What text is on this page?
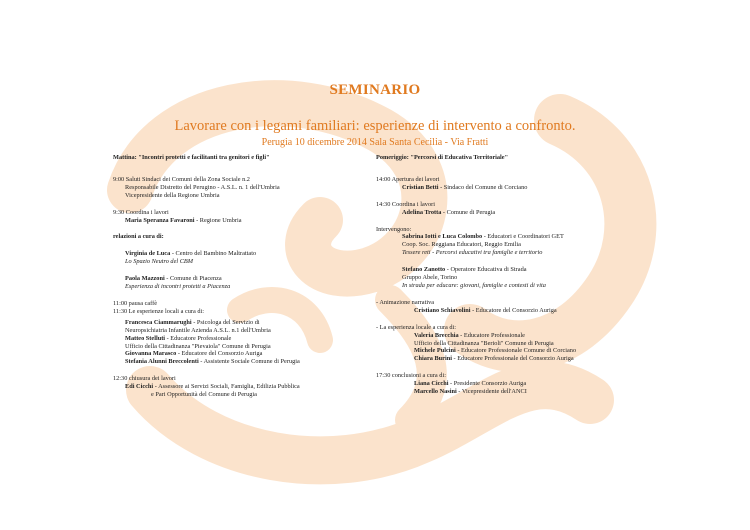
SEMINARIO
Lavorare con i legami familiari: esperienze di intervento a confronto.
Perugia 10 dicembre 2014 Sala Santa Cecilia - Via Fratti
Mattina: "Incontri protetti e facilitanti tra genitori e figli"
9:00 Saluti Sindaci dei Comuni della Zona Sociale n.2
Responsabile Distretto del Perugino - A.S.L. n. 1 dell'Umbria
Vicepresidente della Regione Umbria
9:30 Coordina i lavori
Maria Speranza Favaroni - Regione Umbria
relazioni a cura di:
Virginia de Luca - Centro del Bambino Maltrattato
Lo Spazio Neutro del CBM
Paola Mazzoni - Comune di Piacenza
Esperienza di incontri protetti a Piacenza
11:00 pausa caffè
11:30 Le esperienze locali a cura di:
Francesca Ciammarughi - Psicologa del Servizio di
Neuropsichiatria Infantile Azienda A.S.L. n.1 dell'Umbria
Matteo Stelluti - Educatore Professionale
Ufficio della Cittadinanza "Pievaiola" Comune di Perugia
Giovanna Marasco - Educatore del Consorzio Auriga
Stefania Alunni Breccolenti - Assistente Sociale Comune di Perugia
12:30 chiusura dei lavori
Edi Cicchi - Assessore ai Servizi Sociali, Famiglia, Edilizia Pubblica
e Pari Opportunità del Comune di Perugia
Pomeriggio: "Percorsi di Educativa Territoriale"
14:00 Apertura dei lavori
Cristian Betti - Sindaco del Comune di Corciano
14:30 Coordina i lavori
Adelina Trotta - Comune di Perugia
Intervengono:
Sabrina Iotti e Luca Colombo - Educatori e Coordinatori GET
Coop. Soc. Reggiana Educatori, Reggio Emilia
Tessere reti - Percorsi educativi tra famiglie e territorio
Stefano Zanotto - Operatore Educativa di Strada
Gruppo Abele, Torino
In strada per educare: giovani, famiglie e contesti di vita
- Animazione narrativa
Cristiano Schiavolini - Educatore del Consorzio Auriga
- La esperienza locale a cura di:
Valeria Brecchia - Educatore Professionale
Ufficio della Cittadinanza "Berioli" Comune di Perugia
Michele Pulcini - Educatore Professionale Comune di Corciano
Chiara Burini - Educatore Professionale del Consorzio Auriga
17:30 conclusioni a cura di:
Liana Cicchi - Presidente Consorzio Auriga
Marcello Nasini - Vicepresidente dell'ANCI
